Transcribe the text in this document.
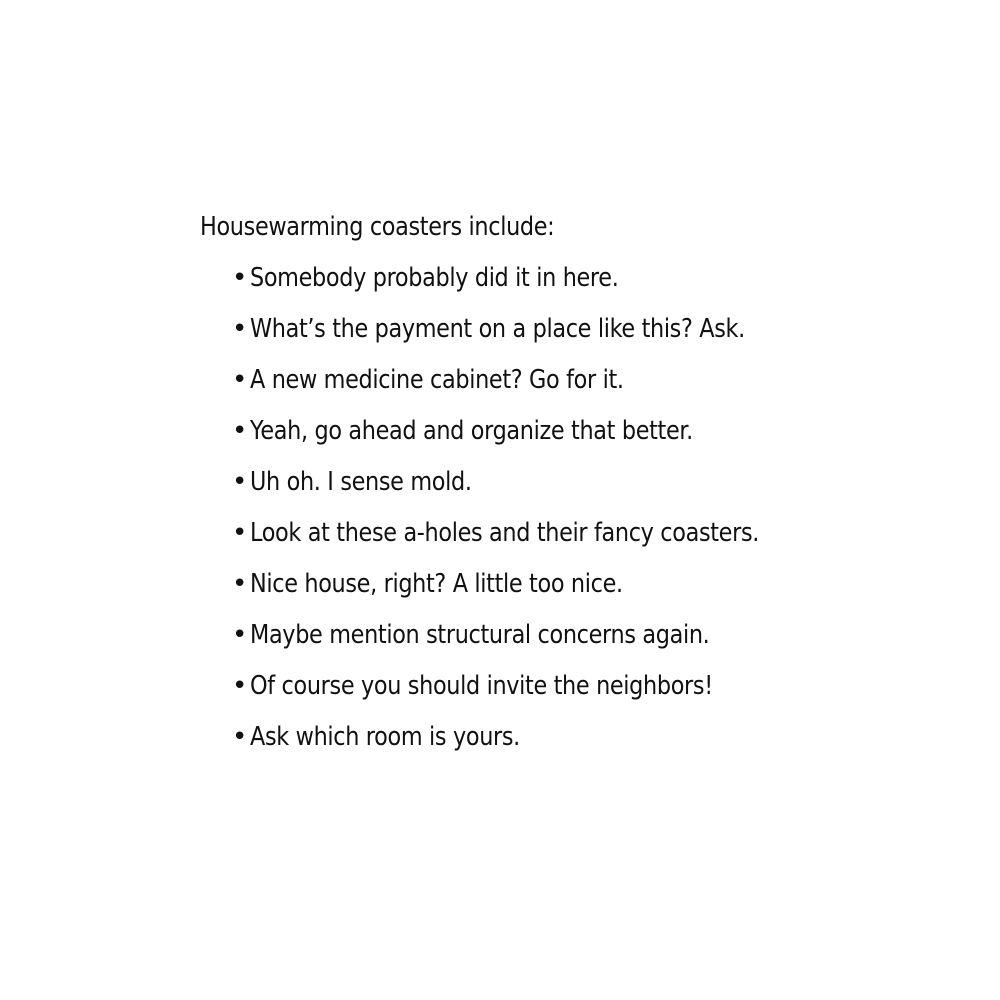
Housewarming coasters include:
• Somebody probably did it in here.
• What’s the payment on a place like this? Ask.
• A new medicine cabinet? Go for it.
• Yeah, go ahead and organize that better.
• Uh oh. I sense mold.
• Look at these a-holes and their fancy coasters.
• Nice house, right? A little too nice.
• Maybe mention structural concerns again.
• Of course you should invite the neighbors!
• Ask which room is yours.
